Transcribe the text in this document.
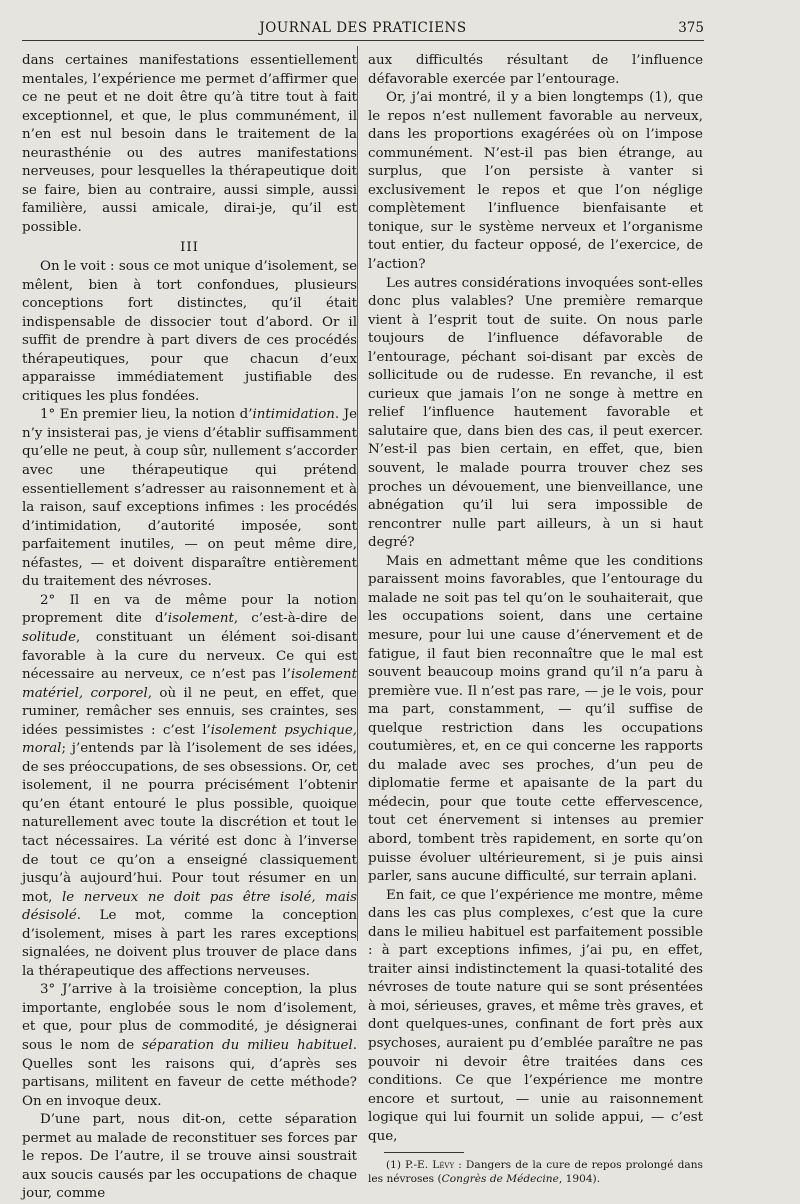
JOURNAL DES PRATICIENS	375

dans certaines manifestations essentiellement mentales, l’expérience me permet d’affirmer que ce ne peut et ne doit être qu’à titre tout à fait exceptionnel, et que, le plus communément, il n’en est nul besoin dans le traitement de la neurasthénie ou des autres manifestations nerveuses, pour lesquelles la thérapeutique doit se faire, bien au contraire, aussi simple, aussi familière, aussi amicale, dirai-je, qu’il est possible.

III

On le voit : sous ce mot unique d’isolement, se mêlent, bien à tort confondues, plusieurs conceptions fort distinctes, qu’il était indispensable de dissocier tout d’abord. Or il suffit de prendre à part divers de ces procédés thérapeutiques, pour que chacun d’eux apparaisse immédiatement justifiable des critiques les plus fondées.

1° En premier lieu, la notion d’intimidation. Je n’y insisterai pas, je viens d’établir suffisamment qu’elle ne peut, à coup sûr, nullement s’accorder avec une thérapeutique qui prétend essentiellement s’adresser au raisonnement et à la raison, sauf exceptions infimes : les procédés d’intimidation, d’autorité imposée, sont parfaitement inutiles, — on peut même dire, néfastes, — et doivent disparaître entièrement du traitement des névroses.

2° Il en va de même pour la notion proprement dite d’isolement, c’est-à-dire de solitude, constituant un élément soi-disant favorable à la cure du nerveux. Ce qui est nécessaire au nerveux, ce n’est pas l’isolement matériel, corporel, où il ne peut, en effet, que ruminer, remâcher ses ennuis, ses craintes, ses idées pessimistes : c’est l’isolement psychique, moral; j’entends par là l’isolement de ses idées, de ses préoccupations, de ses obsessions. Or, cet isolement, il ne pourra précisément l’obtenir qu’en étant entouré le plus possible, quoique naturellement avec toute la discrétion et tout le tact nécessaires. La vérité est donc à l’inverse de tout ce qu’on a enseigné classiquement jusqu’à aujourd’hui. Pour tout résumer en un mot, le nerveux ne doit pas être isolé, mais désisolé. Le mot, comme la conception d’isolement, mises à part les rares exceptions signalées, ne doivent plus trouver de place dans la thérapeutique des affections nerveuses.

3° J’arrive à la troisième conception, la plus importante, englobée sous le nom d’isolement, et que, pour plus de commodité, je désignerai sous le nom de séparation du milieu habituel. Quelles sont les raisons qui, d’après ses partisans, militent en faveur de cette méthode? On en invoque deux.

D’une part, nous dit-on, cette séparation permet au malade de reconstituer ses forces par le repos. De l’autre, il se trouve ainsi soustrait aux soucis causés par les occupations de chaque jour, comme

aux difficultés résultant de l’influence défavorable exercée par l’entourage.

Or, j’ai montré, il y a bien longtemps (1), que le repos n’est nullement favorable au nerveux, dans les proportions exagérées où on l’impose communément. N’est-il pas bien étrange, au surplus, que l’on persiste à vanter si exclusivement le repos et que l’on néglige complètement l’influence bienfaisante et tonique, sur le système nerveux et l’organisme tout entier, du facteur opposé, de l’exercice, de l’action?

Les autres considérations invoquées sont-elles donc plus valables? Une première remarque vient à l’esprit tout de suite. On nous parle toujours de l’influence défavorable de l’entourage, péchant soi-disant par excès de sollicitude ou de rudesse. En revanche, il est curieux que jamais l’on ne songe à mettre en relief l’influence hautement favorable et salutaire que, dans bien des cas, il peut exercer. N’est-il pas bien certain, en effet, que, bien souvent, le malade pourra trouver chez ses proches un dévouement, une bienveillance, une abnégation qu’il lui sera impossible de rencontrer nulle part ailleurs, à un si haut degré?

Mais en admettant même que les conditions paraissent moins favorables, que l’entourage du malade ne soit pas tel qu’on le souhaiterait, que les occupations soient, dans une certaine mesure, pour lui une cause d’énervement et de fatigue, il faut bien reconnaître que le mal est souvent beaucoup moins grand qu’il n’a paru à première vue. Il n’est pas rare, — je le vois, pour ma part, constamment, — qu’il suffise de quelque restriction dans les occupations coutumières, et, en ce qui concerne les rapports du malade avec ses proches, d’un peu de diplomatie ferme et apaisante de la part du médecin, pour que toute cette effervescence, tout cet énervement si intenses au premier abord, tombent très rapidement, en sorte qu’on puisse évoluer ultérieurement, si je puis ainsi parler, sans aucune difficulté, sur terrain aplani.

En fait, ce que l’expérience me montre, même dans les cas plus complexes, c’est que la cure dans le milieu habituel est parfaitement possible : à part exceptions infimes, j’ai pu, en effet, traiter ainsi indistinctement la quasi-totalité des névroses de toute nature qui se sont présentées à moi, sérieuses, graves, et même très graves, et dont quelques-unes, confinant de fort près aux psychoses, auraient pu d’emblée paraître ne pas pouvoir ni devoir être traitées dans ces conditions. Ce que l’expérience me montre encore et surtout, — unie au raisonnement logique qui lui fournit un solide appui, — c’est que,

(1) P.-E. Lévy : Dangers de la cure de repos prolongé dans les névroses (Congrès de Médecine, 1904).
